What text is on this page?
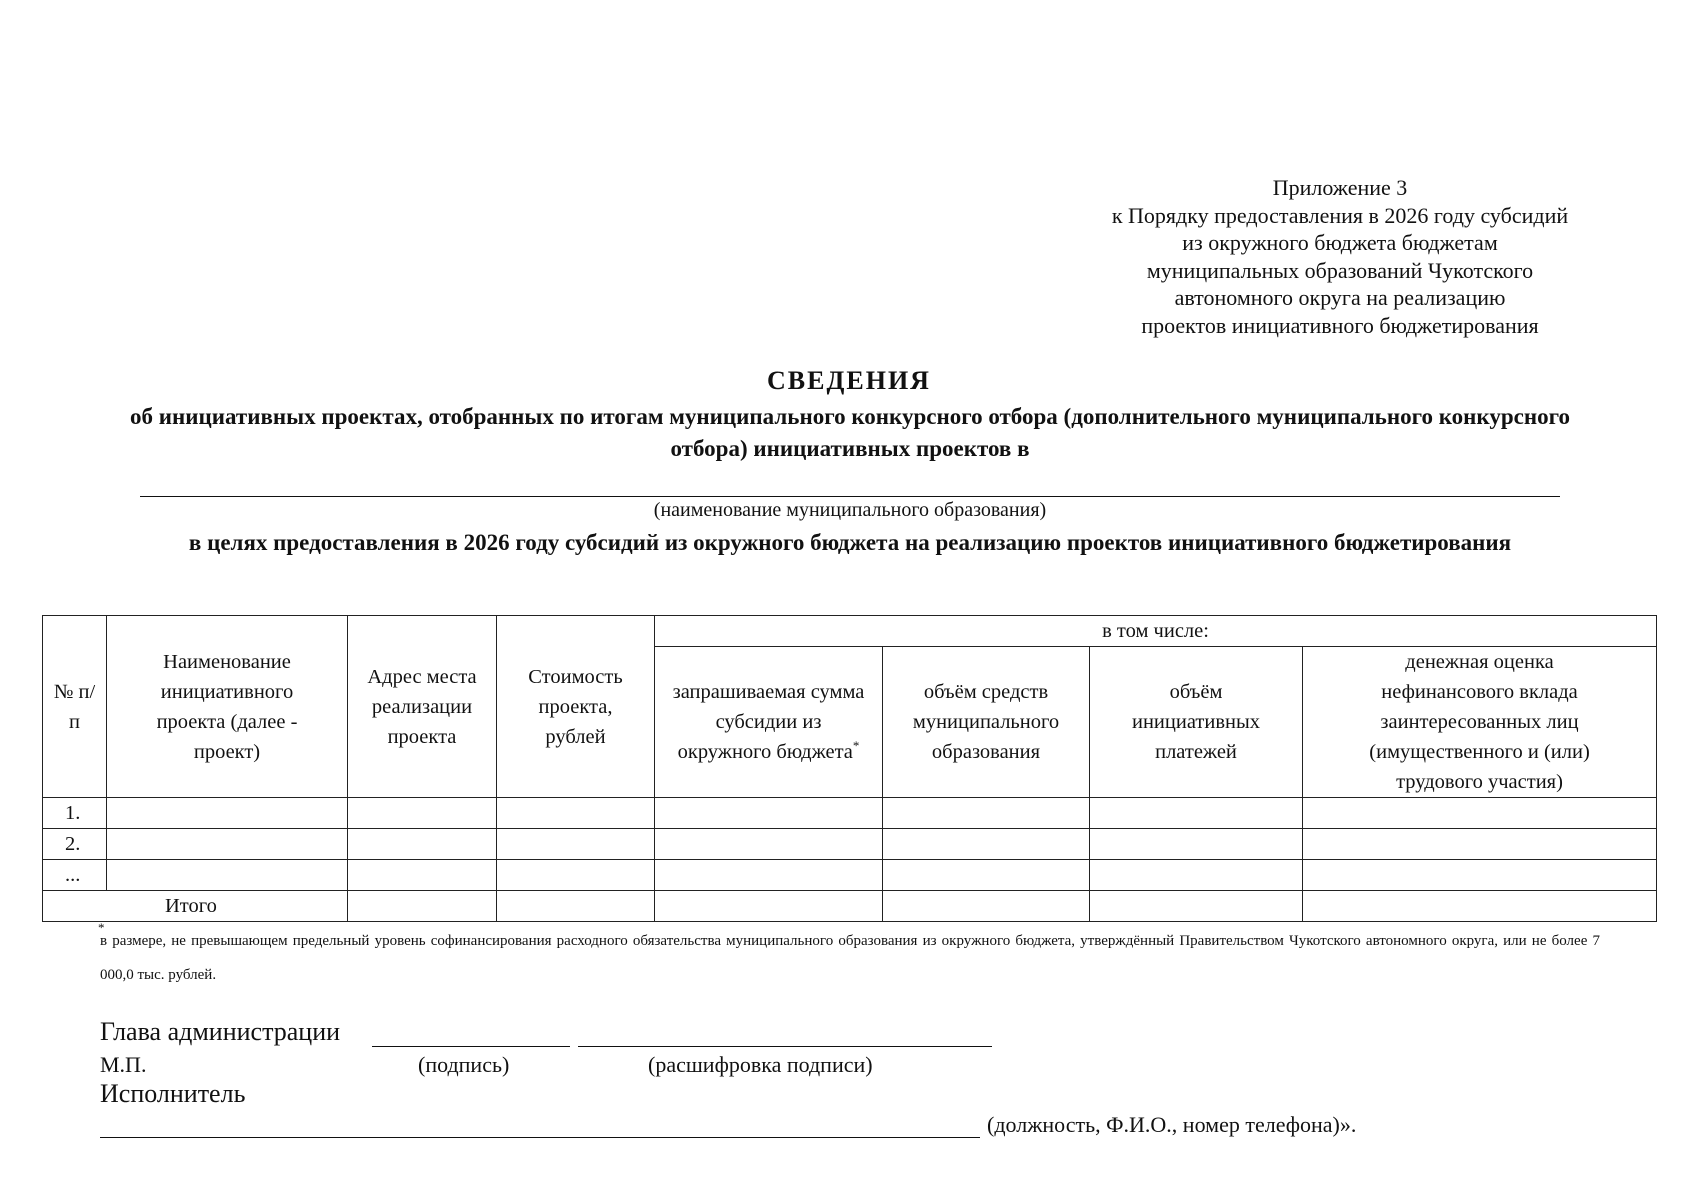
Приложение 3
к Порядку предоставления в 2026 году субсидий
из окружного бюджета бюджетам
муниципальных образований Чукотского
автономного округа на реализацию
проектов инициативного бюджетирования
СВЕДЕНИЯ
об инициативных проектах, отобранных по итогам муниципального конкурсного отбора (дополнительного муниципального конкурсного отбора) инициативных проектов в
(наименование муниципального образования)
в целях предоставления в 2026 году субсидий из окружного бюджета на реализацию проектов инициативного бюджетирования
№ п/п	Наименование инициативного проекта (далее - проект)	Адрес места реализации проекта	Стоимость проекта, рублей	в том числе:			
				запрашиваемая сумма субсидии из окружного бюджета*	объём средств муниципального образования	объём инициативных платежей	денежная оценка нефинансового вклада заинтересованных лиц (имущественного и (или) трудового участия)
1.							
2.							
...							
Итого							
*
в размере, не превышающем предельный уровень софинансирования расходного обязательства муниципального образования из окружного бюджета, утверждённый Правительством Чукотского автономного округа, или не более 7 000,0 тыс. рублей.
Глава администрации
М.П.	(подпись)	(расшифровка подписи)
Исполнитель
(должность, Ф.И.О., номер телефона)».
